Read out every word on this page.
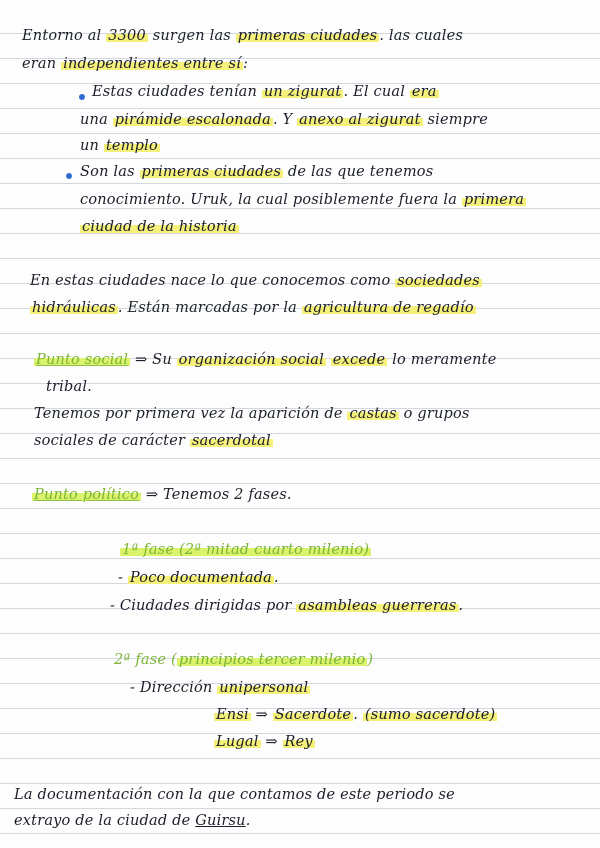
Entorno al 3300 surgen las primeras ciudades . las cuales
eran independientes entre sí :
Estas ciudades tenían un zigurat . El cual era
una pirámide escalonada . Y anexo al zigurat siempre
un templo
Son las primeras ciudades de las que tenemos
conocimiento. Uruk, la cual posiblemente fuera la primera
ciudad de la historia
En estas ciudades nace lo que conocemos como sociedades
hidráulicas . Están marcadas por la agricultura de regadío
Punto social ⇒ Su organización social excede lo meramente
tribal.
Tenemos por primera vez la aparición de castas o grupos
sociales de carácter sacerdotal
Punto político ⇒ Tenemos 2 fases.
1ª fase (2ª mitad cuarto milenio)
- Poco documentada .
- Ciudades dirigidas por asambleas guerreras .
2ª fase ( principios tercer milenio )
- Dirección unipersonal
Ensi ⇒ Sacerdote . (sumo sacerdote)
Lugal ⇒ Rey
La documentación con la que contamos de este periodo se
extrayo de la ciudad de Guirsu.
